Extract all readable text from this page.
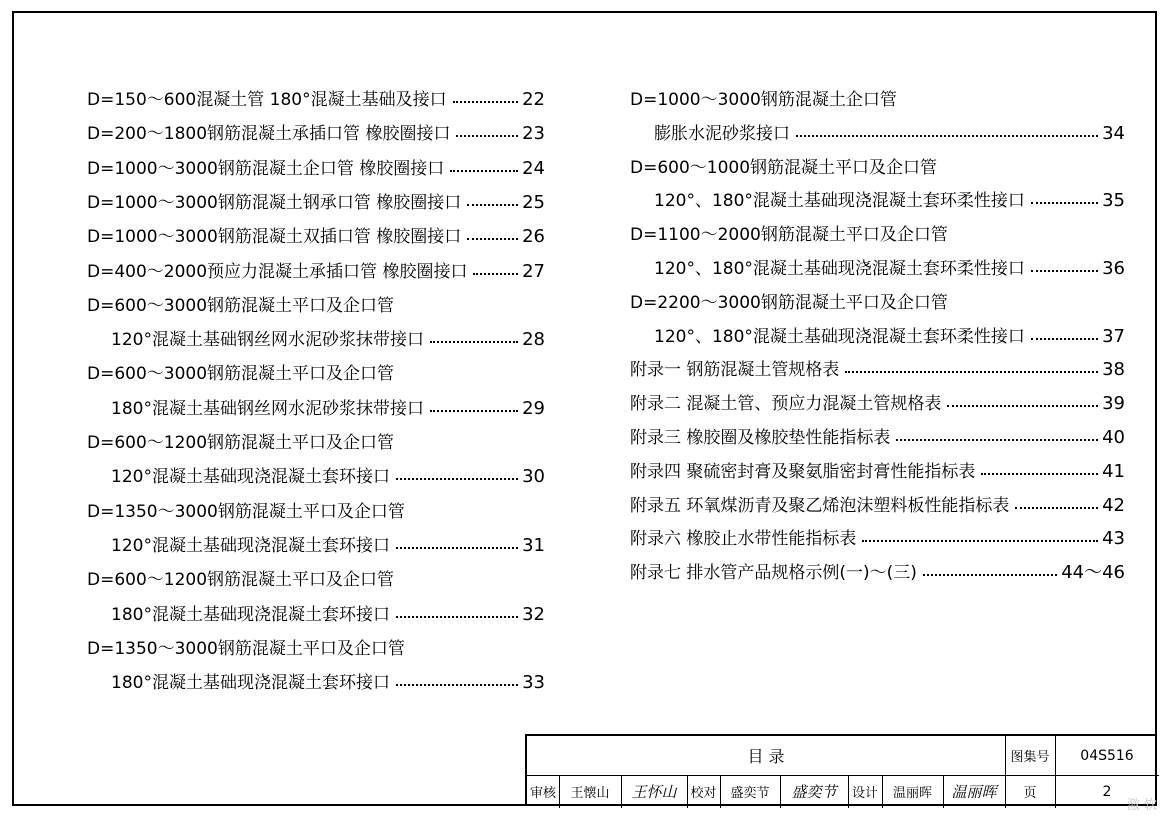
D=150～600混凝土管 180°混凝土基础及接口	22
D=200～1800钢筋混凝土承插口管 橡胶圈接口	23
D=1000～3000钢筋混凝土企口管 橡胶圈接口	24
D=1000～3000钢筋混凝土钢承口管 橡胶圈接口	25
D=1000～3000钢筋混凝土双插口管 橡胶圈接口	26
D=400～2000预应力混凝土承插口管 橡胶圈接口	27
D=600～3000钢筋混凝土平口及企口管
120°混凝土基础钢丝网水泥砂浆抹带接口	28
D=600～3000钢筋混凝土平口及企口管
180°混凝土基础钢丝网水泥砂浆抹带接口	29
D=600～1200钢筋混凝土平口及企口管
120°混凝土基础现浇混凝土套环接口	30
D=1350～3000钢筋混凝土平口及企口管
120°混凝土基础现浇混凝土套环接口	31
D=600～1200钢筋混凝土平口及企口管
180°混凝土基础现浇混凝土套环接口	32
D=1350～3000钢筋混凝土平口及企口管
180°混凝土基础现浇混凝土套环接口	33
D=1000～3000钢筋混凝土企口管
膨胀水泥砂浆接口	34
D=600～1000钢筋混凝土平口及企口管
120°、180°混凝土基础现浇混凝土套环柔性接口	35
D=1100～2000钢筋混凝土平口及企口管
120°、180°混凝土基础现浇混凝土套环柔性接口	36
D=2200～3000钢筋混凝土平口及企口管
120°、180°混凝土基础现浇混凝土套环柔性接口	37
附录一 钢筋混凝土管规格表	38
附录二 混凝土管、预应力混凝土管规格表	39
附录三 橡胶圈及橡胶垫性能指标表	40
附录四 聚硫密封膏及聚氨脂密封膏性能指标表	41
附录五 环氧煤沥青及聚乙烯泡沫塑料板性能指标表	42
附录六 橡胶止水带性能指标表	43
附录七 排水管产品规格示例(一)～(三)	44～46
目 录	图集号	04S516
审核	王懐山	王怀山	校对	盛奕节	盛奕节	设计	温丽晖	温丽晖	页	2
激 软
